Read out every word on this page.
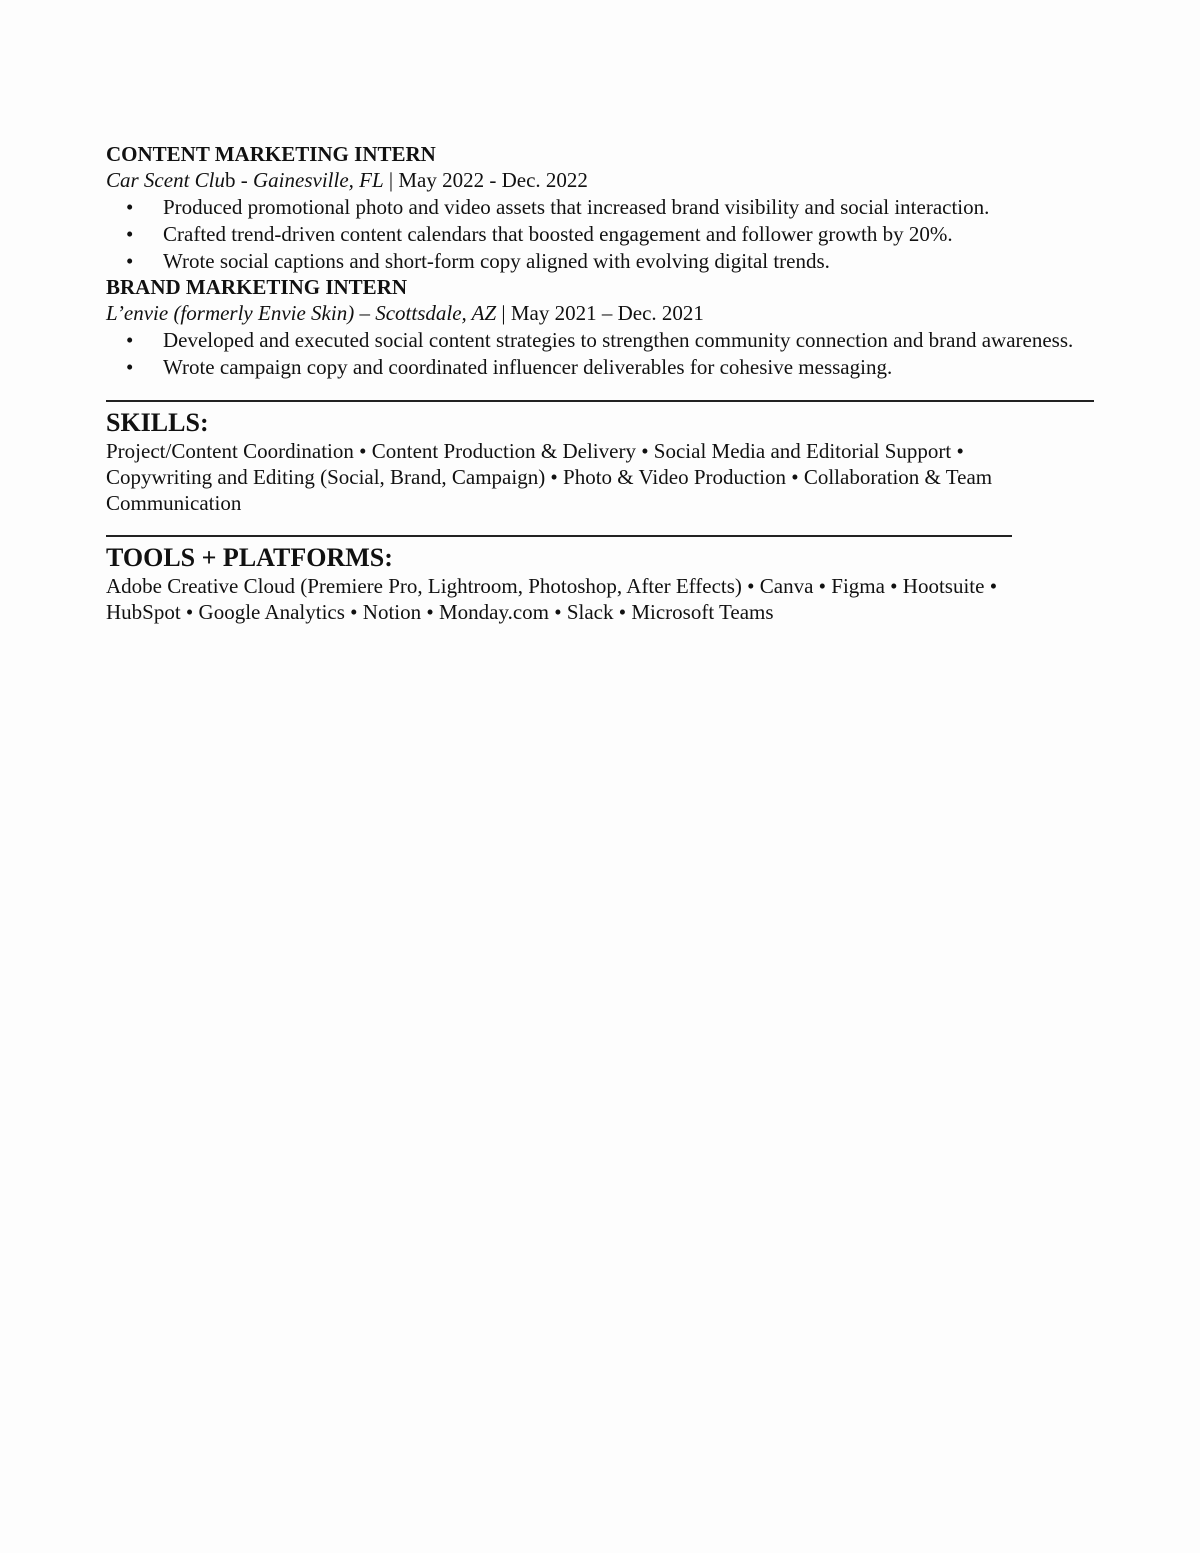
CONTENT MARKETING INTERN

Car Scent Club - Gainesville, FL | May 2022 - Dec. 2022

• Produced promotional photo and video assets that increased brand visibility and social interaction.
• Crafted trend-driven content calendars that boosted engagement and follower growth by 20%.
• Wrote social captions and short-form copy aligned with evolving digital trends.

BRAND MARKETING INTERN

L’envie (formerly Envie Skin) – Scottsdale, AZ | May 2021 – Dec. 2021

• Developed and executed social content strategies to strengthen community connection and brand awareness.
• Wrote campaign copy and coordinated influencer deliverables for cohesive messaging.
SKILLS:

Project/Content Coordination • Content Production & Delivery • Social Media and Editorial Support •

Copywriting and Editing (Social, Brand, Campaign) • Photo & Video Production • Collaboration & Team

Communication

TOOLS + PLATFORMS:

Adobe Creative Cloud (Premiere Pro, Lightroom, Photoshop, After Effects) • Canva • Figma • Hootsuite •

HubSpot • Google Analytics • Notion • Monday.com • Slack • Microsoft Teams
